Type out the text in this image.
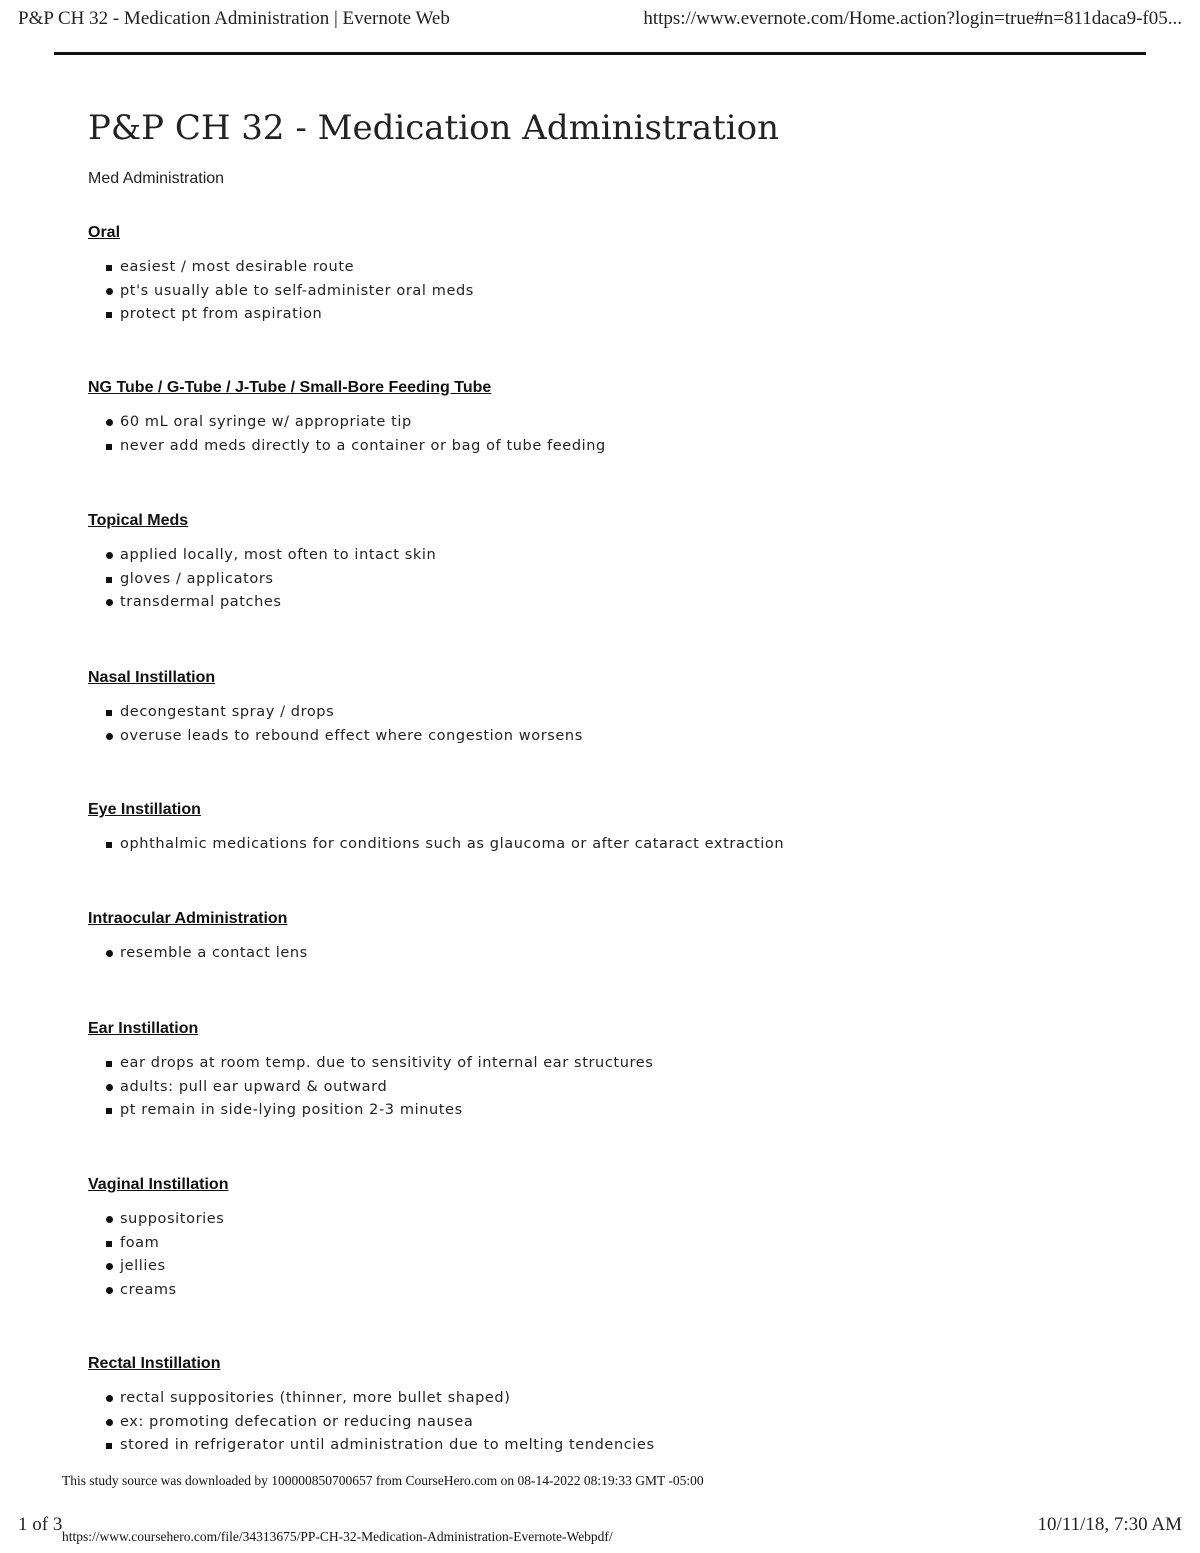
P&P CH 32 - Medication Administration | Evernote Web	https://www.evernote.com/Home.action?login=true#n=811daca9-f05...
P&P CH 32 - Medication Administration
Med Administration
Oral
easiest / most desirable route
pt's usually able to self-administer oral meds
protect pt from aspiration
NG Tube / G-Tube / J-Tube / Small-Bore Feeding Tube
60 mL oral syringe w/ appropriate tip
never add meds directly to a container or bag of tube feeding
Topical Meds
applied locally, most often to intact skin
gloves / applicators
transdermal patches
Nasal Instillation
decongestant spray / drops
overuse leads to rebound effect where congestion worsens
Eye Instillation
ophthalmic medications for conditions such as glaucoma or after cataract extraction
Intraocular Administration
resemble a contact lens
Ear Instillation
ear drops at room temp. due to sensitivity of internal ear structures
adults: pull ear upward & outward
pt remain in side-lying position 2-3 minutes
Vaginal Instillation
suppositories
foam
jellies
creams
Rectal Instillation
rectal suppositories (thinner, more bullet shaped)
ex: promoting defecation or reducing nausea
stored in refrigerator until administration due to melting tendencies
This study source was downloaded by 100000850700657 from CourseHero.com on 08-14-2022 08:19:33 GMT -05:00
1 of 3
https://www.coursehero.com/file/34313675/PP-CH-32-Medication-Administration-Evernote-Webpdf/
10/11/18, 7:30 AM
